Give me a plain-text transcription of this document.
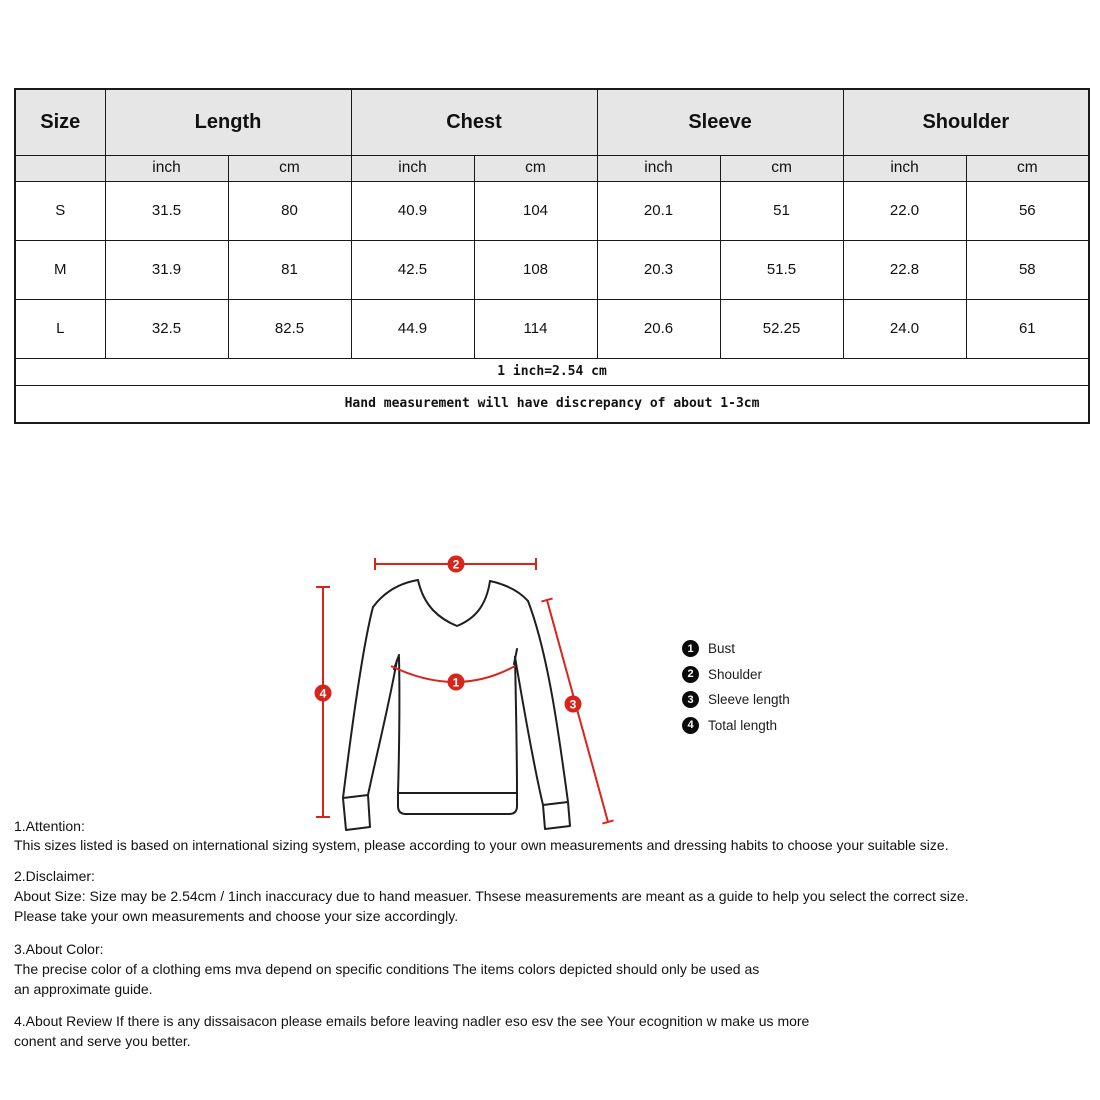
Size	Length		Chest		Sleeve		Shoulder	
	inch	cm	inch	cm	inch	cm	inch	cm
S	31.5	80	40.9	104	20.1	51	22.0	56
M	31.9	81	42.5	108	20.3	51.5	22.8	58
L	32.5	82.5	44.9	114	20.6	52.25	24.0	61
1 inch=2.54 cm								
Hand measurement will have discrepancy of about 1-3cm								
1
2
3
4
1	Bust
2	Shoulder
3	Sleeve length
4	Total length
1.Attention:
This sizes listed is based on international sizing system, please according to your own measurements and dressing habits to choose your suitable size.
2.Disclaimer:
About Size: Size may be 2.54cm / 1inch inaccuracy due to hand measuer. Thsese measurements are meant as a guide to help you select the correct size.
Please take your own measurements and choose your size accordingly.
3.About Color:
The precise color of a clothing ems mva depend on specific conditions The items colors depicted should only be used as
an approximate guide.
4.About Review If there is any dissaisacon please emails before leaving nadler eso esv the see Your ecognition w make us more
conent and serve you better.
